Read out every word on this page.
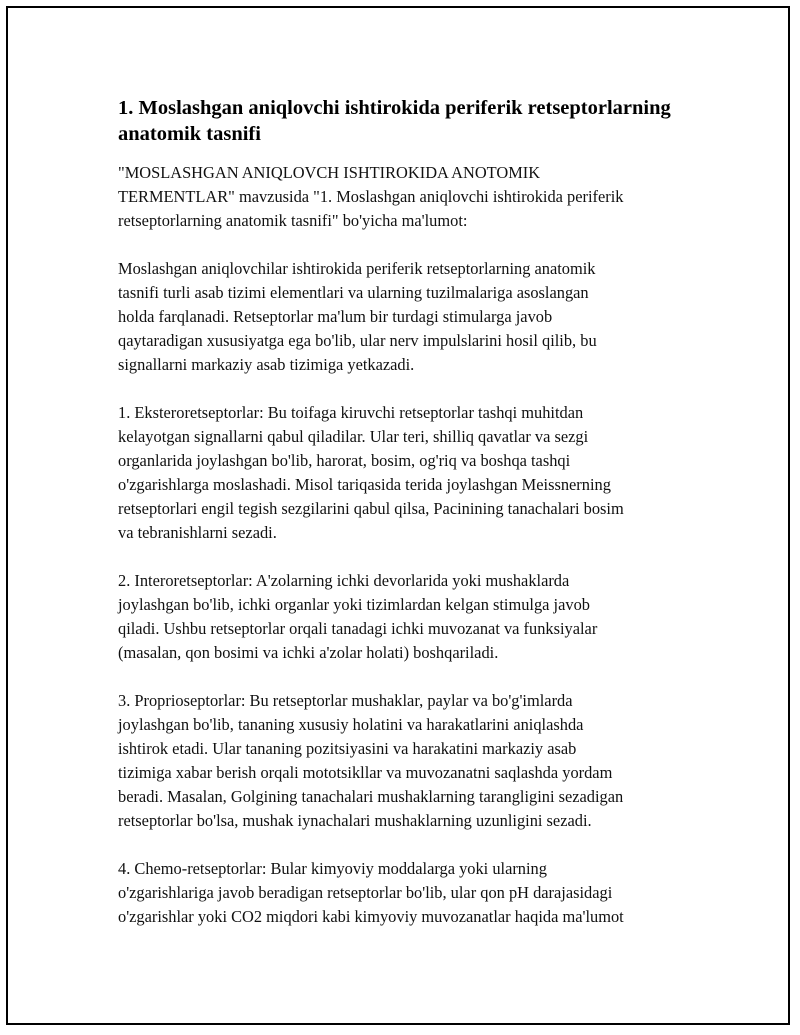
1. Moslashgan aniqlovchi ishtirokida periferik retseptorlarning anatomik tasnifi

"MOSLASHGAN ANIQLOVCH ISHTIROKIDA ANOTOMIK
TERMENTLAR" mavzusida "1. Moslashgan aniqlovchi ishtirokida periferik
retseptorlarning anatomik tasnifi" bo'yicha ma'lumot:

Moslashgan aniqlovchilar ishtirokida periferik retseptorlarning anatomik
tasnifi turli asab tizimi elementlari va ularning tuzilmalariga asoslangan
holda farqlanadi. Retseptorlar ma'lum bir turdagi stimularga javob
qaytaradigan xususiyatga ega bo'lib, ular nerv impulslarini hosil qilib, bu
signallarni markaziy asab tizimiga yetkazadi.

1. Eksteroretseptorlar: Bu toifaga kiruvchi retseptorlar tashqi muhitdan
kelayotgan signallarni qabul qiladilar. Ular teri, shilliq qavatlar va sezgi
organlarida joylashgan bo'lib, harorat, bosim, og'riq va boshqa tashqi
o'zgarishlarga moslashadi. Misol tariqasida terida joylashgan Meissnerning
retseptorlari engil tegish sezgilarini qabul qilsa, Pacinining tanachalari bosim
va tebranishlarni sezadi.

2. Interoretseptorlar: A'zolarning ichki devorlarida yoki mushaklarda
joylashgan bo'lib, ichki organlar yoki tizimlardan kelgan stimulga javob
qiladi. Ushbu retseptorlar orqali tanadagi ichki muvozanat va funksiyalar
(masalan, qon bosimi va ichki a'zolar holati) boshqariladi.

3. Proprioseptorlar: Bu retseptorlar mushaklar, paylar va bo'g'imlarda
joylashgan bo'lib, tananing xususiy holatini va harakatlarini aniqlashda
ishtirok etadi. Ular tananing pozitsiyasini va harakatini markaziy asab
tizimiga xabar berish orqali mototsikllar va muvozanatni saqlashda yordam
beradi. Masalan, Golgining tanachalari mushaklarning tarangligini sezadigan
retseptorlar bo'lsa, mushak iynachalari mushaklarning uzunligini sezadi.

4. Chemo-retseptorlar: Bular kimyoviy moddalarga yoki ularning
o'zgarishlariga javob beradigan retseptorlar bo'lib, ular qon pH darajasidagi
o'zgarishlar yoki CO2 miqdori kabi kimyoviy muvozanatlar haqida ma'lumot
